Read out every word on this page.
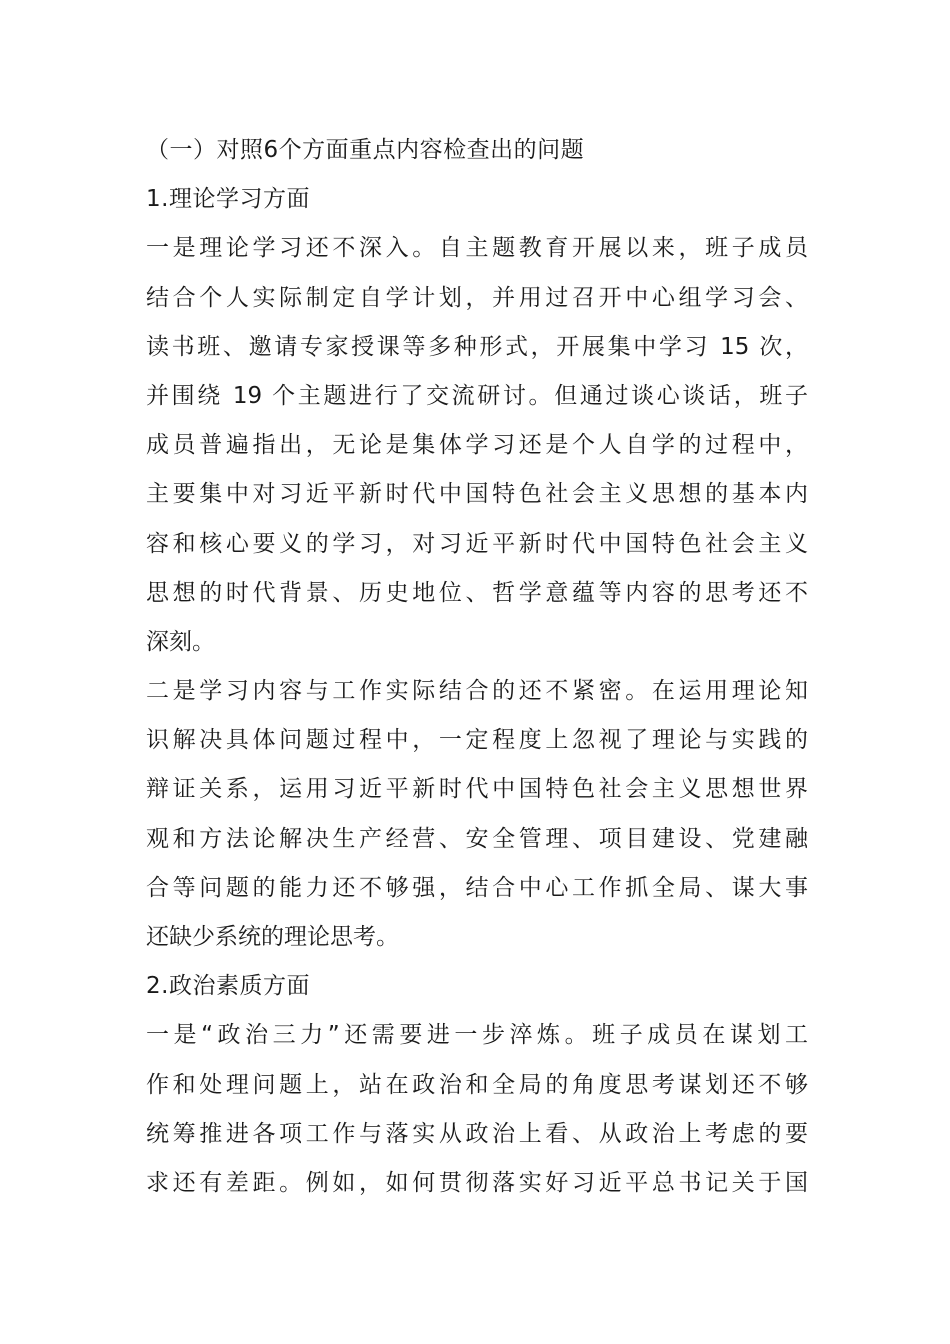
（一）对照6个方面重点内容检查出的问题
1.理论学习方面
一是理论学习还不深入。自主题教育开展以来，班子成员
结合个人实际制定自学计划，并用过召开中心组学习会、
读书班、邀请专家授课等多种形式，开展集中学习 15 次，
并围绕 19 个主题进行了交流研讨。但通过谈心谈话，班子
成员普遍指出，无论是集体学习还是个人自学的过程中，
主要集中对习近平新时代中国特色社会主义思想的基本内
容和核心要义的学习，对习近平新时代中国特色社会主义
思想的时代背景、历史地位、哲学意蕴等内容的思考还不
深刻。
二是学习内容与工作实际结合的还不紧密。在运用理论知
识解决具体问题过程中，一定程度上忽视了理论与实践的
辩证关系，运用习近平新时代中国特色社会主义思想世界
观和方法论解决生产经营、安全管理、项目建设、党建融
合等问题的能力还不够强，结合中心工作抓全局、谋大事
还缺少系统的理论思考。
2.政治素质方面
一是“政治三力”还需要进一步淬炼。班子成员在谋划工
作和处理问题上，站在政治和全局的角度思考谋划还不够
统筹推进各项工作与落实从政治上看、从政治上考虑的要
求还有差距。例如，如何贯彻落实好习近平总书记关于国
